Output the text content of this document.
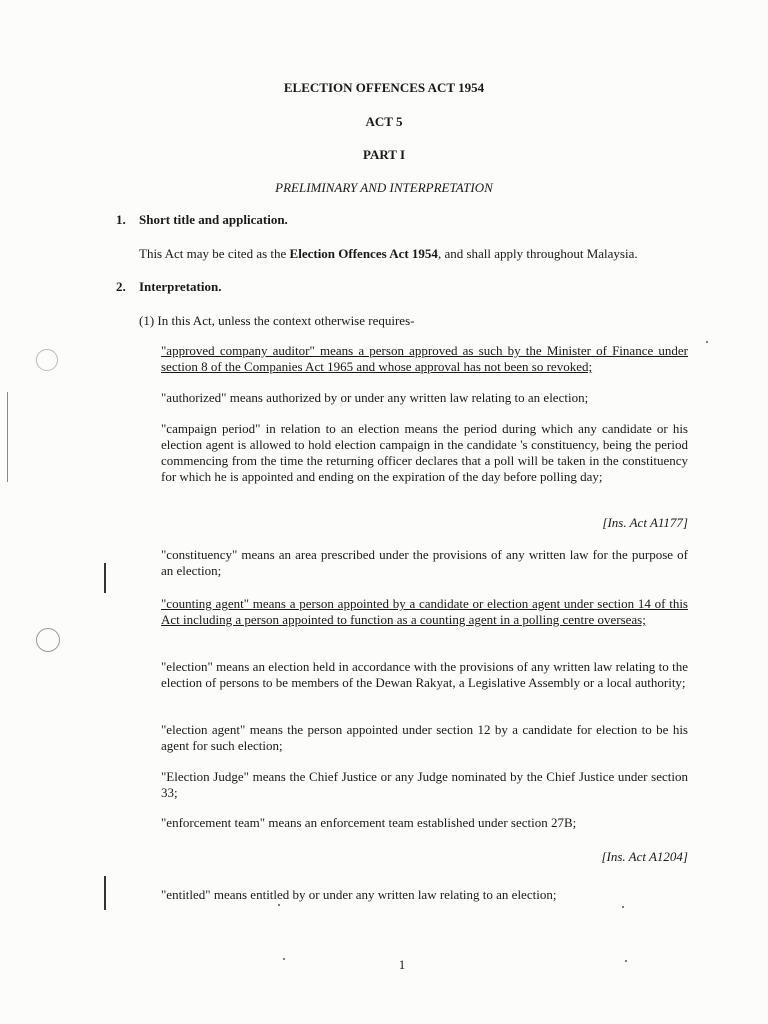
ELECTION OFFENCES ACT 1954
ACT 5
PART I
PRELIMINARY AND INTERPRETATION
1. Short title and application.
This Act may be cited as the Election Offences Act 1954, and shall apply throughout Malaysia.
2. Interpretation.
(1) In this Act, unless the context otherwise requires-
"approved company auditor" means a person approved as such by the Minister of Finance under section 8 of the Companies Act 1965 and whose approval has not been so revoked;
"authorized" means authorized by or under any written law relating to an election;
"campaign period" in relation to an election means the period during which any candidate or his election agent is allowed to hold election campaign in the candidate 's constituency, being the period commencing from the time the returning officer declares that a poll will be taken in the constituency for which he is appointed and ending on the expiration of the day before polling day;
[Ins. Act A1177]
"constituency" means an area prescribed under the provisions of any written law for the purpose of an election;
"counting agent" means a person appointed by a candidate or election agent under section 14 of this Act including a person appointed to function as a counting agent in a polling centre overseas;
"election" means an election held in accordance with the provisions of any written law relating to the election of persons to be members of the Dewan Rakyat, a Legislative Assembly or a local authority;
"election agent" means the person appointed under section 12 by a candidate for election to be his agent for such election;
"Election Judge" means the Chief Justice or any Judge nominated by the Chief Justice under section 33;
"enforcement team" means an enforcement team established under section 27B;
[Ins. Act A1204]
"entitled" means entitled by or under any written law relating to an election;
1
